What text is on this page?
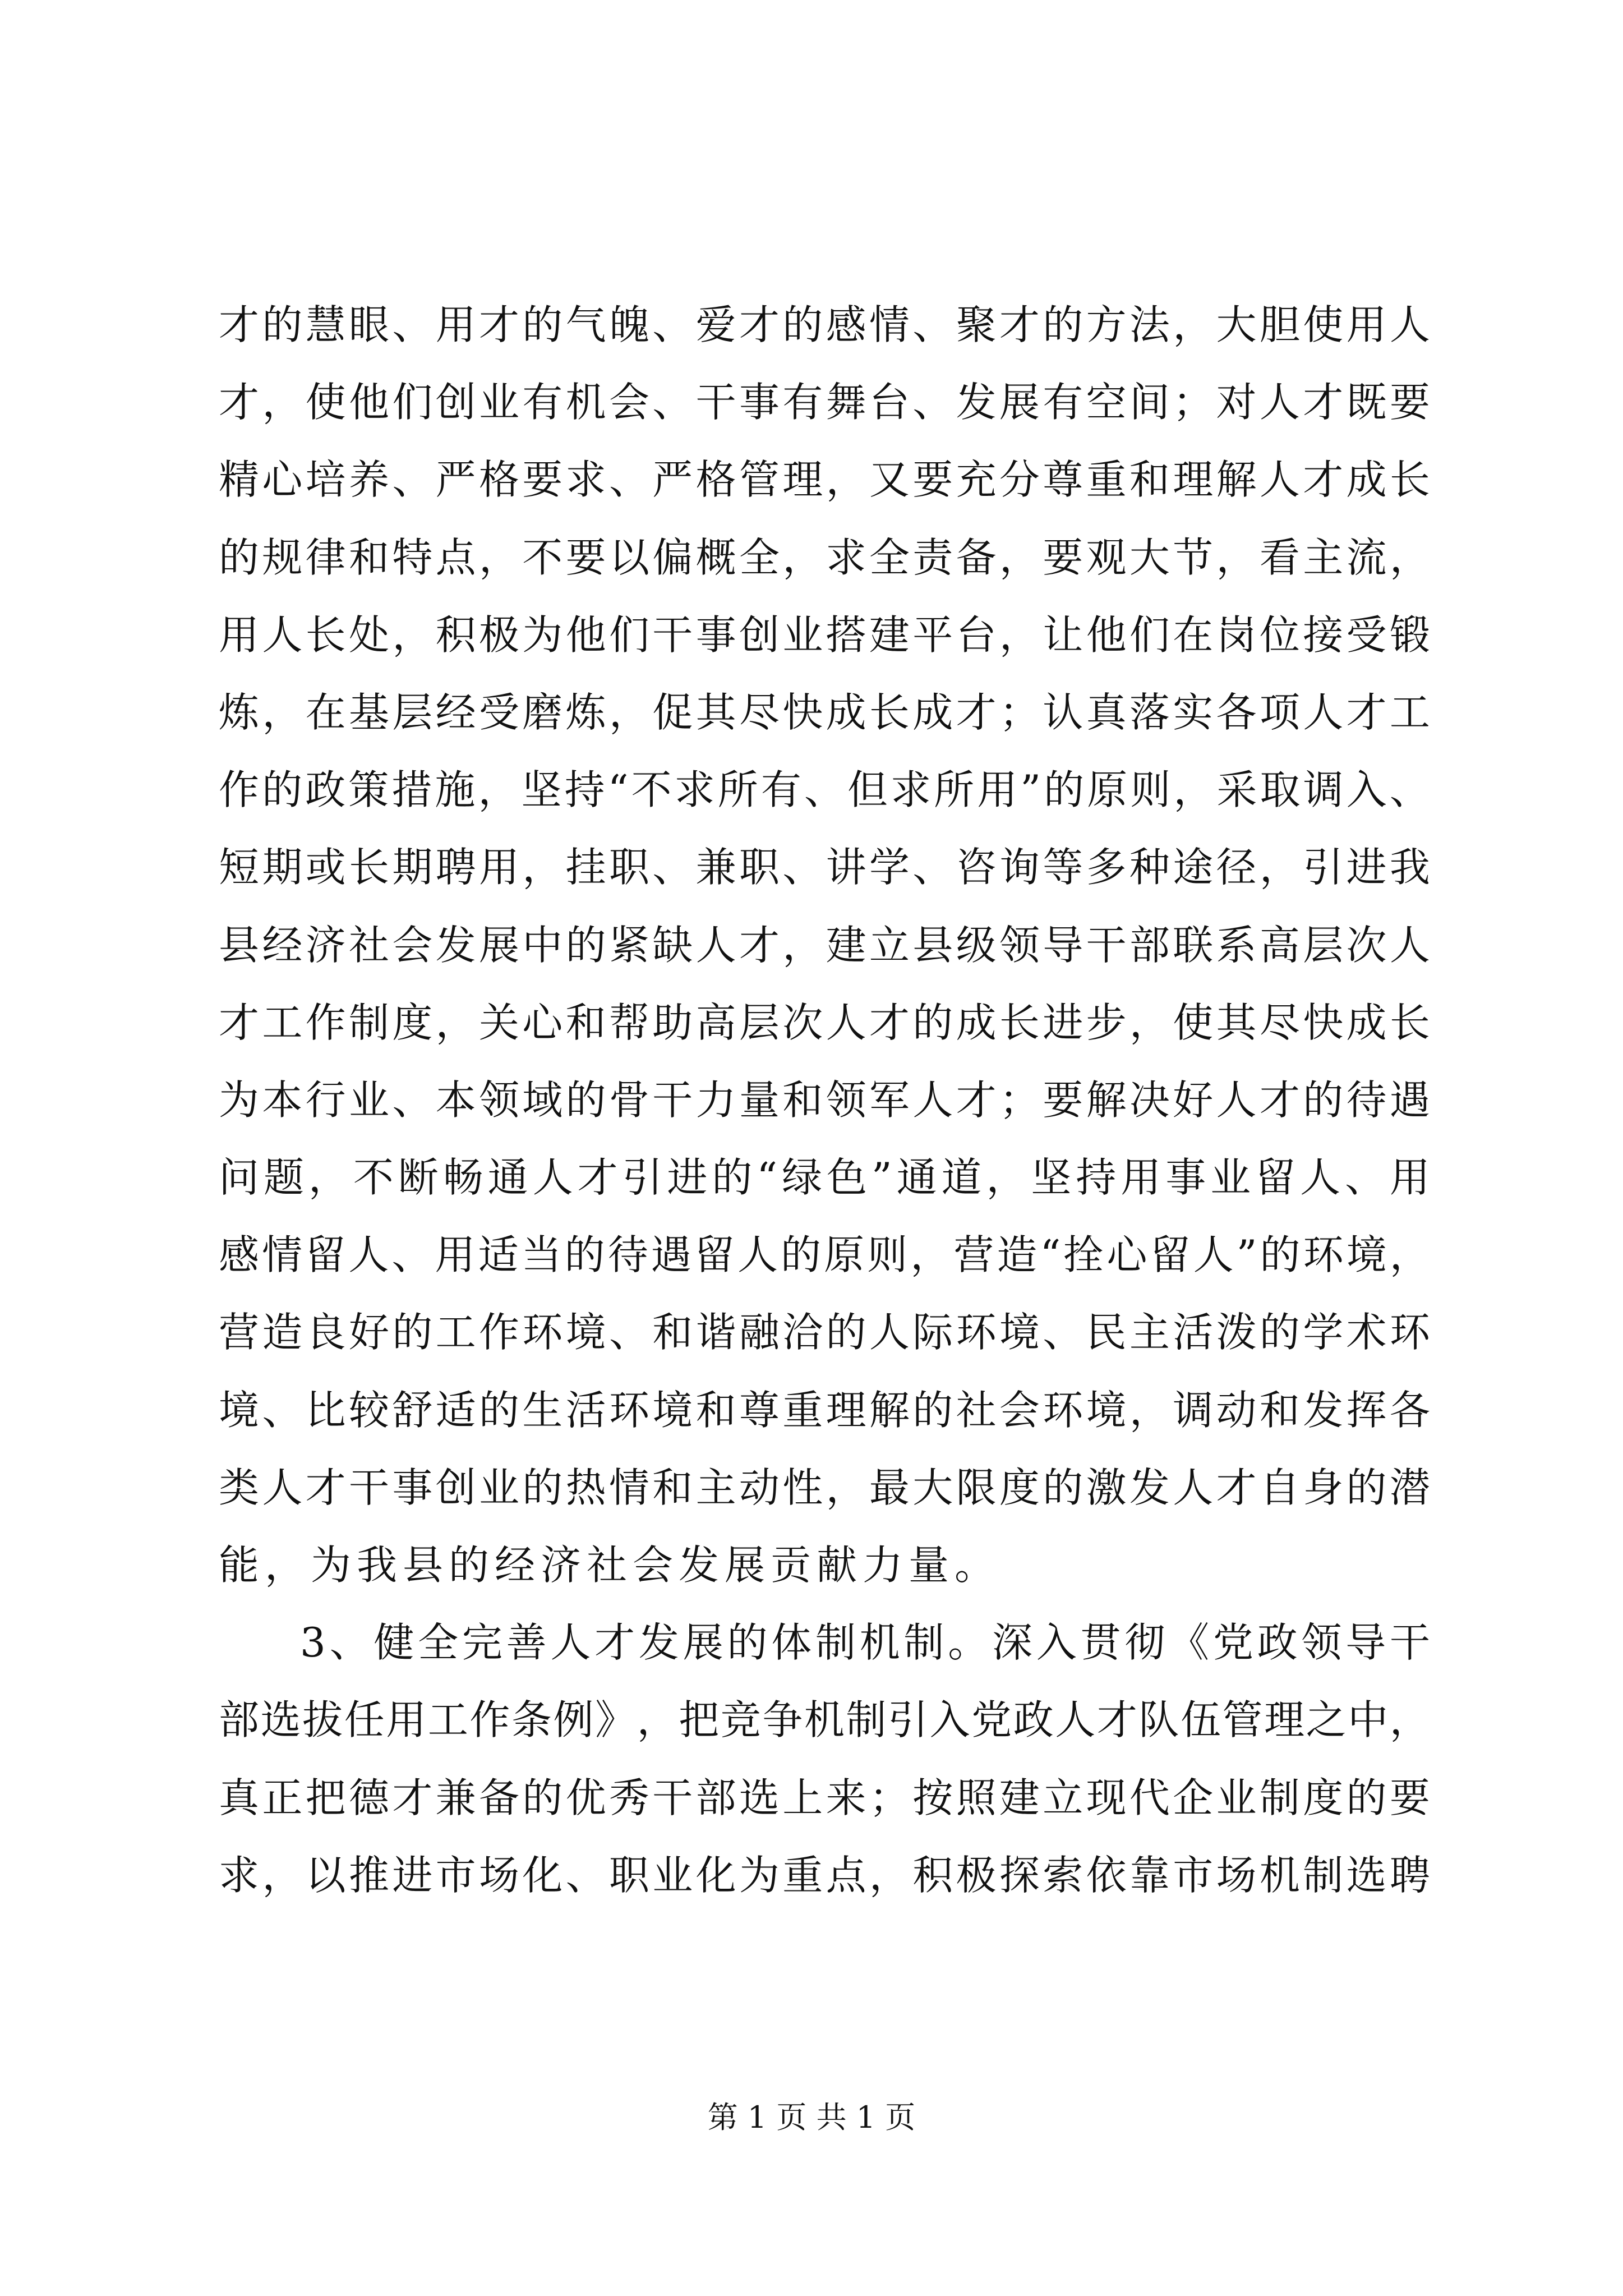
才 的 慧 眼 、 用 才 的 气 魄 、 爱 才 的 感 情 、 聚 才 的 方 法 ， 大 胆 使 用 人
才 ， 使 他 们 创 业 有 机 会 、 干 事 有 舞 台 、 发 展 有 空 间 ； 对 人 才 既 要
精 心 培 养 、 严 格 要 求 、 严 格 管 理 ， 又 要 充 分 尊 重 和 理 解 人 才 成 长
的 规 律 和 特 点 ， 不 要 以 偏 概 全 ， 求 全 责 备 ， 要 观 大 节 ， 看 主 流 ，
用 人 长 处 ， 积 极 为 他 们 干 事 创 业 搭 建 平 台 ， 让 他 们 在 岗 位 接 受 锻
炼 ， 在 基 层 经 受 磨 炼 ， 促 其 尽 快 成 长 成 才 ； 认 真 落 实 各 项 人 才 工
作 的 政 策 措 施 ， 坚 持 “ 不 求 所 有 、 但 求 所 用 ” 的 原 则 ， 采 取 调 入 、
短 期 或 长 期 聘 用 ， 挂 职 、 兼 职 、 讲 学 、 咨 询 等 多 种 途 径 ， 引 进 我
县 经 济 社 会 发 展 中 的 紧 缺 人 才 ， 建 立 县 级 领 导 干 部 联 系 高 层 次 人
才 工 作 制 度 ， 关 心 和 帮 助 高 层 次 人 才 的 成 长 进 步 ， 使 其 尽 快 成 长
为 本 行 业 、 本 领 域 的 骨 干 力 量 和 领 军 人 才 ； 要 解 决 好 人 才 的 待 遇
问 题 ， 不 断 畅 通 人 才 引 进 的 “ 绿 色 ” 通 道 ， 坚 持 用 事 业 留 人 、 用
感 情 留 人 、 用 适 当 的 待 遇 留 人 的 原 则 ， 营 造 “ 拴 心 留 人 ” 的 环 境 ，
营 造 良 好 的 工 作 环 境 、 和 谐 融 洽 的 人 际 环 境 、 民 主 活 泼 的 学 术 环
境 、 比 较 舒 适 的 生 活 环 境 和 尊 重 理 解 的 社 会 环 境 ， 调 动 和 发 挥 各
类 人 才 干 事 创 业 的 热 情 和 主 动 性 ， 最 大 限 度 的 激 发 人 才 自 身 的 潜
能，为我县的经济社会发展贡献力量。
3 、 健 全 完 善 人 才 发 展 的 体 制 机 制 。 深 入 贯 彻 《 党 政 领 导 干
部 选 拔 任 用 工 作 条 例 》 ， 把 竞 争 机 制 引 入 党 政 人 才 队 伍 管 理 之 中 ，
真 正 把 德 才 兼 备 的 优 秀 干 部 选 上 来 ； 按 照 建 立 现 代 企 业 制 度 的 要
求 ， 以 推 进 市 场 化 、 职 业 化 为 重 点 ， 积 极 探 索 依 靠 市 场 机 制 选 聘
第 1 页 共 1 页
